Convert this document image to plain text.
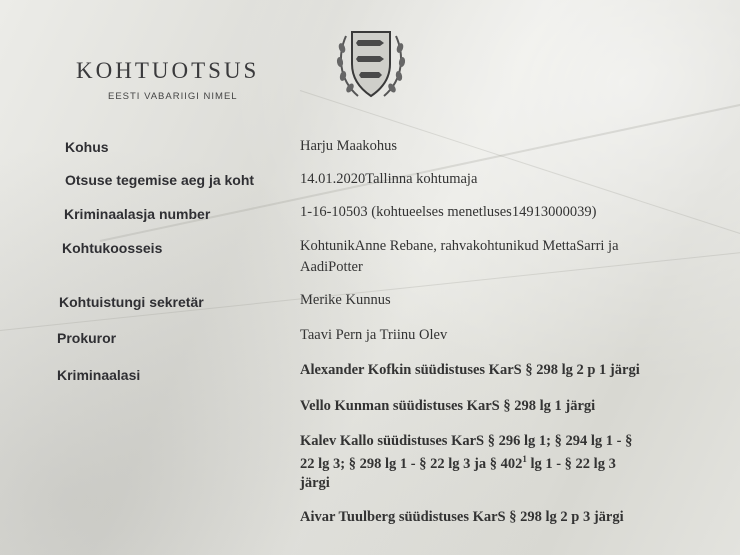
KOHTUOTSUS
EESTI VABARIIGI NIMEL
Kohus	Harju Maakohus
Otsuse tegemise aeg ja koht	14.01.2020Tallinna kohtumaja
Kriminaalasja number	1-16-10503 (kohtueelses menetluses14913000039)
Kohtukoosseis	KohtunikAnne Rebane, rahvakohtunikud MettaSarri ja
AadiPotter
Kohtuistungi sekretär	Merike Kunnus
Prokuror	Taavi Pern ja Triinu Olev
Kriminaalasi	Alexander Kofkin süüdistuses KarS § 298 lg 2 p 1 järgi
Vello Kunman süüdistuses KarS § 298 lg 1 järgi
Kalev Kallo süüdistuses KarS § 296 lg 1; § 294 lg 1 - §
22 lg 3; § 298 lg 1 - § 22 lg 3 ja § $402^1$ lg 1 - § 22 lg 3
järgi
Aivar Tuulberg süüdistuses KarS § 298 lg 2 p 3 järgi
